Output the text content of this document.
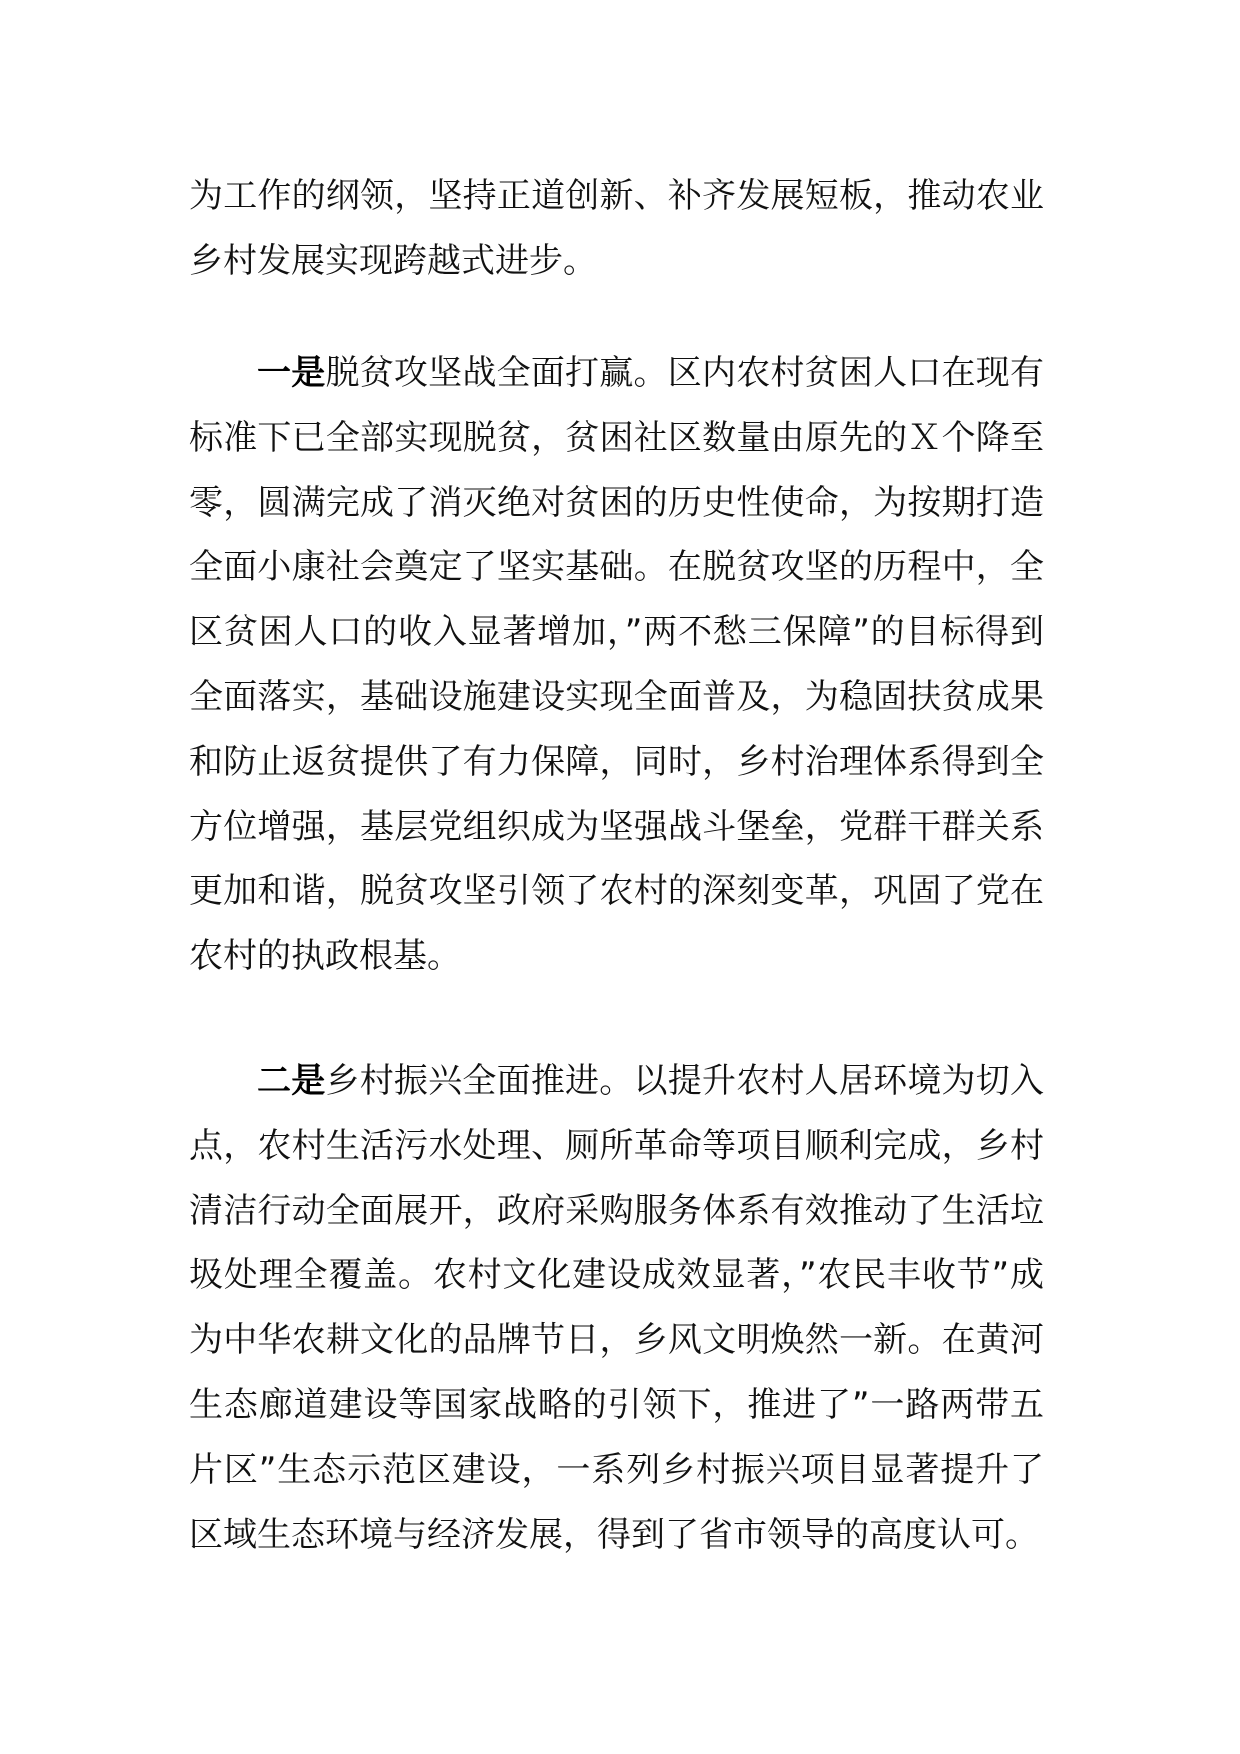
为工作的纲领，坚持正道创新、补齐发展短板，推动农业乡村发展实现跨越式进步。

一是脱贫攻坚战全面打赢。区内农村贫困人口在现有标准下已全部实现脱贫，贫困社区数量由原先的Ｘ个降至零，圆满完成了消灭绝对贫困的历史性使命，为按期打造全面小康社会奠定了坚实基础。在脱贫攻坚的历程中，全区贫困人口的收入显著增加，”两不愁三保障”的目标得到全面落实，基础设施建设实现全面普及，为稳固扶贫成果和防止返贫提供了有力保障，同时，乡村治理体系得到全方位增强，基层党组织成为坚强战斗堡垒，党群干群关系更加和谐，脱贫攻坚引领了农村的深刻变革，巩固了党在农村的执政根基。

二是乡村振兴全面推进。以提升农村人居环境为切入点，农村生活污水处理、厕所革命等项目顺利完成，乡村清洁行动全面展开，政府采购服务体系有效推动了生活垃圾处理全覆盖。农村文化建设成效显著，”农民丰收节”成为中华农耕文化的品牌节日，乡风文明焕然一新。在黄河生态廊道建设等国家战略的引领下，推进了”一路两带五片区”生态示范区建设，一系列乡村振兴项目显著提升了区域生态环境与经济发展，得到了省市领导的高度认可。
